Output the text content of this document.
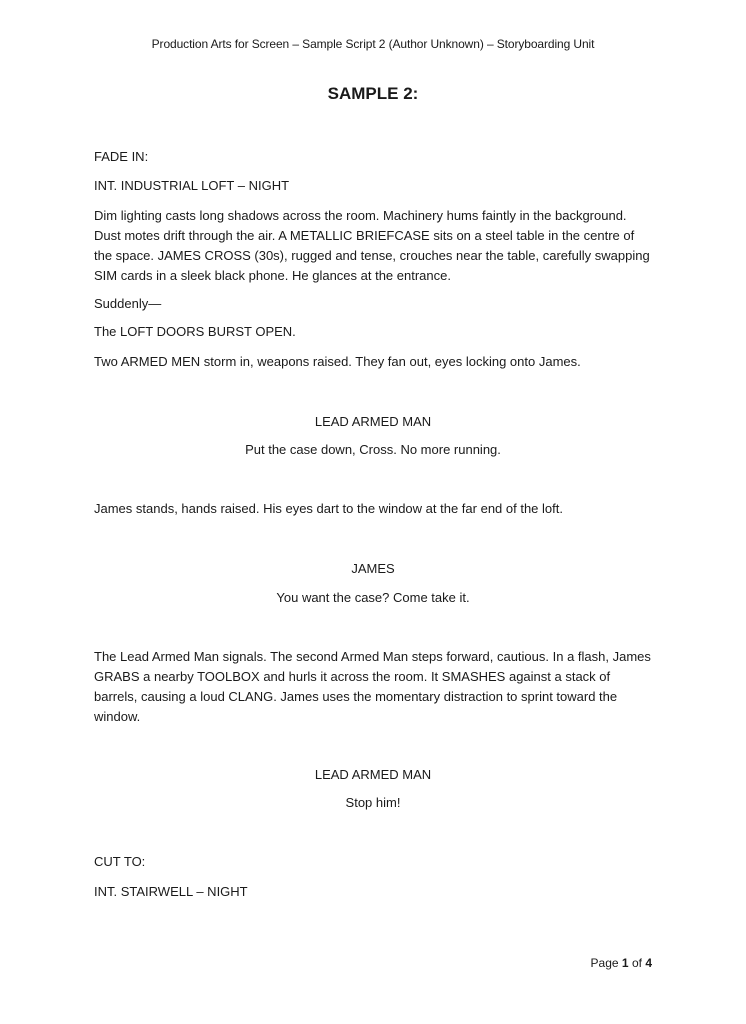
Production Arts for Screen – Sample Script 2 (Author Unknown) – Storyboarding Unit
SAMPLE 2:
FADE IN:
INT. INDUSTRIAL LOFT – NIGHT
Dim lighting casts long shadows across the room. Machinery hums faintly in the background. Dust motes drift through the air. A METALLIC BRIEFCASE sits on a steel table in the centre of the space. JAMES CROSS (30s), rugged and tense, crouches near the table, carefully swapping SIM cards in a sleek black phone. He glances at the entrance.
Suddenly—
The LOFT DOORS BURST OPEN.
Two ARMED MEN storm in, weapons raised. They fan out, eyes locking onto James.
LEAD ARMED MAN
Put the case down, Cross. No more running.
James stands, hands raised. His eyes dart to the window at the far end of the loft.
JAMES
You want the case? Come take it.
The Lead Armed Man signals. The second Armed Man steps forward, cautious. In a flash, James GRABS a nearby TOOLBOX and hurls it across the room. It SMASHES against a stack of barrels, causing a loud CLANG. James uses the momentary distraction to sprint toward the window.
LEAD ARMED MAN
Stop him!
CUT TO:
INT. STAIRWELL – NIGHT
Page 1 of 4
